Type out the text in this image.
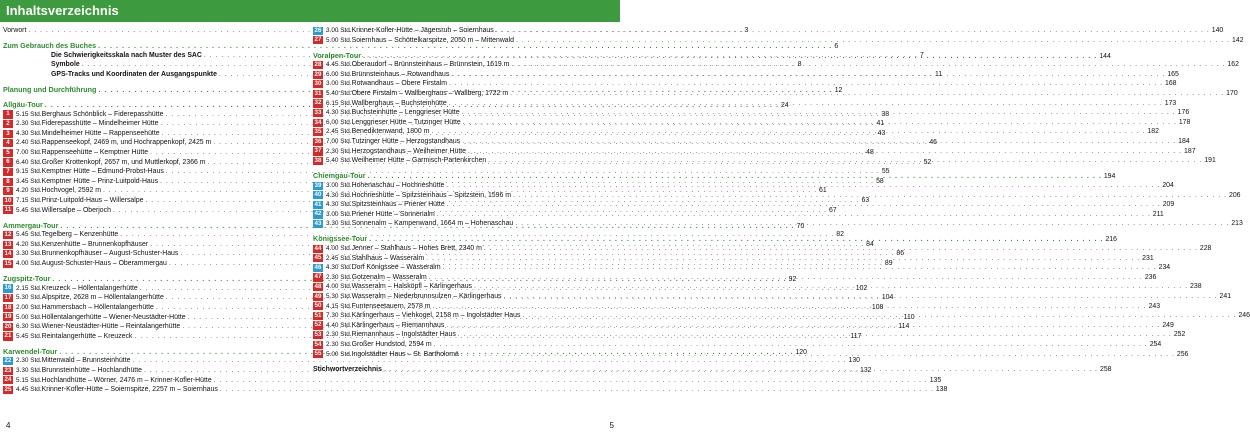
Inhaltsverzeichnis
Vorwort . . .	3
Zum Gebrauch des Buches . . .	6
Die Schwierigkeitsskala nach Muster des SAC . . .	7
Symbole . . .	8
GPS-Tracks und Koordinaten der Ausgangspunkte . . .	11
Planung und Durchführung . . .	12
Allgäu-Tour . . .	24
1 5.15 Std. Berghaus Schönblick – Fiderepasshütte . . .	38
2 2.30 Std. Fiderepasshütte – Mindelheimer Hütte . . .	41
3 4.30 Std. Mindelheimer Hütte – Rappenseehütte . . .	43
4 2.40 Std. Rappenseekopf, 2469 m, und Hochrappenkopf, 2425 m . . .	46
5 7.00 Std. Rappenseehütte – Kemptner Hütte . . .	48
6 6.40 Std. Großer Krottenkopf, 2657 m, und Muttlerkopf, 2366 m . . .	52
7 9.15 Std. Kemptner Hütte – Edmund-Probst-Haus . . .	55
8 3.45 Std. Kemptner Hütte – Prinz-Luitpold-Haus . . .	58
9 4.20 Std. Hochvogel, 2592 m . . .	61
10 7.15 Std. Prinz-Luitpold-Haus – Willersalpe . . .	63
11 5.45 Std. Willersalpe – Oberjoch . . .	67
Ammergau-Tour . . .	70
12 5.45 Std. Tegelberg – Kenzenhütte . . .	82
13 4.20 Std. Kenzenhütte – Brunnenkopfhäuser . . .	84
14 3.30 Std. Brunnenkopfhäuser – August-Schuster-Haus . . .	86
15 4.00 Std. August-Schuster-Haus – Oberammergau . . .	89
Zugspitz-Tour . . .	92
16 2.15 Std. Kreuzeck – Höllentalangerhütte . . .	102
17 5.30 Std. Alpspitze, 2628 m – Höllentalangerhütte . . .	104
18 2.00 Std. Hammersbach – Höllentalangerhütte . . .	108
19 5.00 Std. Höllentalangerhütte – Wiener-Neustädter-Hütte . . .	110
20 6.30 Std. Wiener-Neustädter-Hütte – Reintalangerhütte . . .	114
21 5.45 Std. Reintalangerhütte – Kreuzeck . . .	117
Karwendel-Tour . . .	120
22 2.30 Std. Mittenwald – Brunnsteinhütte . . .	130
23 3.30 Std. Brunnsteinhütte – Hochlandhütte . . .	132
24 5.15 Std. Hochlandhütte – Wörner, 2476 m – Krinner-Kofler-Hütte . . .	135
25 4.45 Std. Krinner-Kofler-Hütte – Soiernspitze, 2257 m – Soiernhaus . . .	138
26 3.00 Std. Krinner-Kofler-Hütte – Jägersruh – Soiernhaus . . .	140
27 5.00 Std. Soiernhaus – Schöttelkarspitze, 2050 m – Mittenwald . . .	142
Voralpen-Tour . . .	144
28 4.45 Std. Oberaudorf – Brünnsteinhaus – Brünnstein, 1619 m . . .	162
29 6.00 Std. Brünnsteinhaus – Rotwandhaus . . .	165
30 3.00 Std. Rotwandhaus – Obere Firstalm . . .	168
31 5.40 Std. Obere Firstalm – Wallberghaus – Wallberg, 1722 m . . .	170
32 6.15 Std. Wallberghaus – Buchsteinhütte . . .	173
33 4.30 Std. Buchsteinhütte – Lenggrieser Hütte . . .	176
34 6.00 Std. Lenggrieser Hütte – Tutzinger Hütte . . .	178
35 2.45 Std. Benediktenwand, 1800 m . . .	182
36 7.00 Std. Tutzinger Hütte – Herzogstandhaus . . .	184
37 2.30 Std. Herzogstandhaus – Weilheimer Hütte . . .	187
38 5.40 Std. Weilheimer Hütte – Garmisch-Partenkirchen . . .	191
Chiemgau-Tour . . .	194
39 3.00 Std. Hohenaschau – Hochrieshütte . . .	204
40 4.30 Std. Hochrieshütte – Spitzsteinhaus – Spitzstein, 1596 m . . .	206
41 4.30 Std. Spitzsteinhaus – Priener Hütte . . .	209
42 3.00 Std. Priener Hütte – Sonnenalm . . .	211
43 3.30 Std. Sonnenalm – Kampenwand, 1664 m – Hohenaschau . . .	213
Königssee-Tour . . .	216
44 4.00 Std. Jenner – Stahlhaus – Hohes Brett, 2340 m . . .	228
45 2.45 Std. Stahlhaus – Wasseralm . . .	231
46 4.30 Std. Dorf Königssee – Wasseralm . . .	234
47 2.30 Std. Gotzenalm – Wasseralm . . .	236
48 4.00 Std. Wasseralm – Halsköpfl – Kärlingerhaus . . .	238
49 5.30 Std. Wasseralm – Niederbrunnsulzen – Kärlingerhaus . . .	241
50 4.15 Std. Funtenseetauern, 2578 m . . .	243
51 7.30 Std. Kärlingerhaus – Viehkogel, 2158 m – Ingolstädter Haus . . .	246
52 4.40 Std. Kärlingerhaus – Riemannhaus . . .	249
53 2.30 Std. Riemannhaus – Ingolstädter Haus . . .	252
54 2.30 Std. Großer Hundstod, 2594 m . . .	254
55 5.00 Std. Ingolstädter Haus – St. Bartholomä . . .	256
Stichwortverzeichnis . . .	258
4	5
